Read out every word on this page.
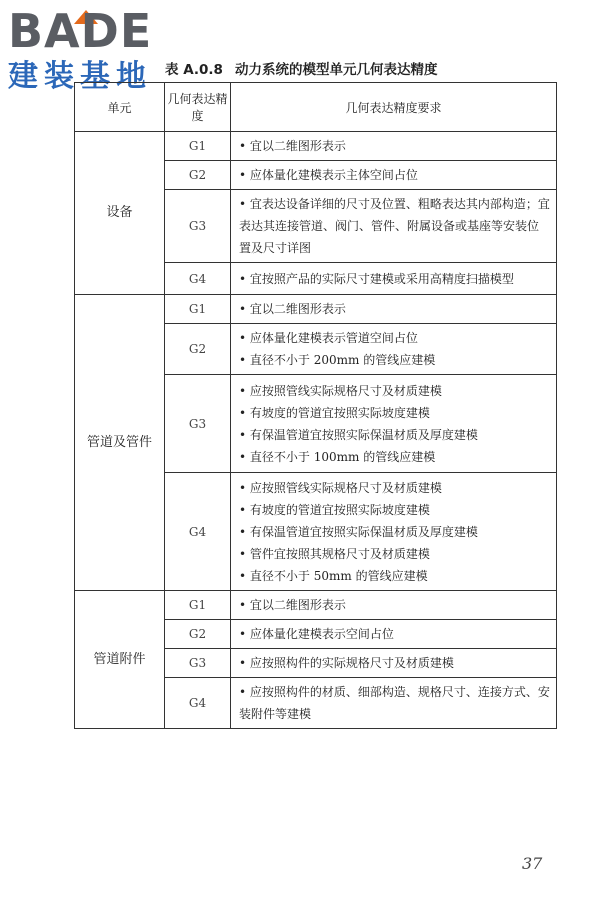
BADE
建装基地 表 A.0.8 动力系统的模型单元几何表达精度
单元	几何表达精度	几何表达精度要求
设备	G1	• 宜以二维图形表示

	G2	• 应体量化建模表示主体空间占位

	G3	• 宜表达设备详细的尺寸及位置、粗略表达其内部构造；宜表达其连接管道、阀门、管件、附属设备或基座等安装位置及尺寸详图

	G4	• 宜按照产品的实际尺寸建模或采用高精度扫描模型

管道及管件	G1	• 宜以二维图形表示

	G2	• 应体量化建模表示管道空间占位
• 直径不小于 200mm 的管线应建模

	G3	• 应按照管线实际规格尺寸及材质建模
• 有坡度的管道宜按照实际坡度建模
• 有保温管道宜按照实际保温材质及厚度建模
• 直径不小于 100mm 的管线应建模

	G4	• 应按照管线实际规格尺寸及材质建模
• 有坡度的管道宜按照实际坡度建模
• 有保温管道宜按照实际保温材质及厚度建模
• 管件宜按照其规格尺寸及材质建模
• 直径不小于 50mm 的管线应建模

管道附件	G1	• 宜以二维图形表示

	G2	• 应体量化建模表示空间占位

	G3	• 应按照构件的实际规格尺寸及材质建模

	G4	• 应按照构件的材质、细部构造、规格尺寸、连接方式、安装附件等建模
37
